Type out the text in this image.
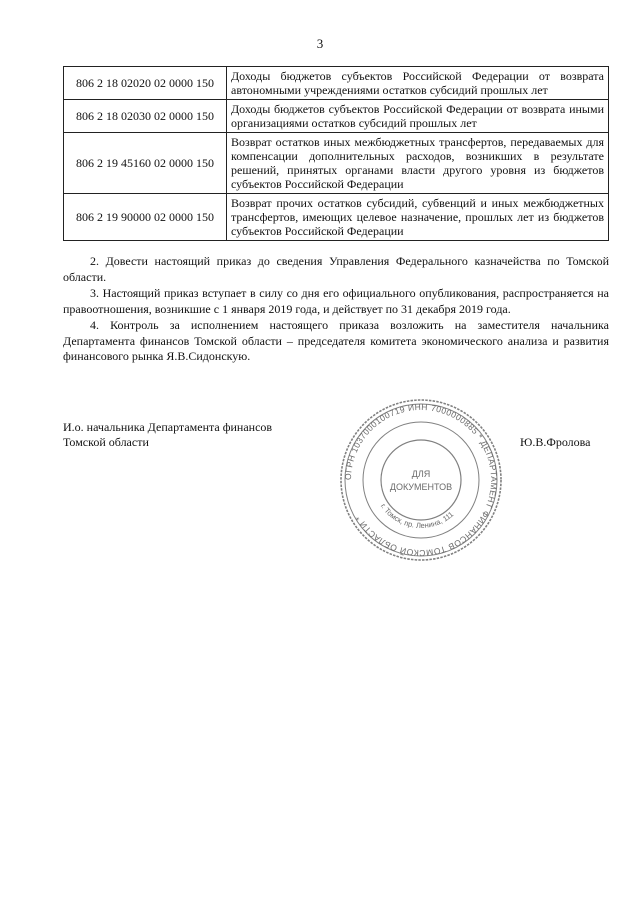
3
806 2 18 02020 02 0000 150	Доходы бюджетов субъектов Российской Федерации от возврата автономными учреждениями остатков субсидий прошлых лет
806 2 18 02030 02 0000 150	Доходы бюджетов субъектов Российской Федерации от возврата иными организациями остатков субсидий прошлых лет
806 2 19 45160 02 0000 150	Возврат остатков иных межбюджетных трансфертов, передаваемых для компенсации дополнительных расходов, возникших в результате решений, принятых органами власти другого уровня из бюджетов субъектов Российской Федерации
806 2 19 90000 02 0000 150	Возврат прочих остатков субсидий, субвенций и иных межбюджетных трансфертов, имеющих целевое назначение, прошлых лет из бюджетов субъектов Российской Федерации

2. Довести настоящий приказ до сведения Управления Федерального казначейства по Томской области.

3. Настоящий приказ вступает в силу со дня его официального опубликования, распространяется на правоотношения, возникшие с 1 января 2019 года, и действует по 31 декабря 2019 года.

4. Контроль за исполнением настоящего приказа возложить на заместителя начальника Департамента финансов Томской области – председателя комитета экономического анализа и развития финансового рынка Я.В.Сидонскую.

И.о. начальника Департамента финансов
Томской области	Ю.В.Фролова
ОГРН 1037000100719 ИНН 7000000885 * ДЕПАРТАМЕНТ ФИНАНСОВ ТОМСКОЙ ОБЛАСТИ *
г. Томск, пр. Ленина, 111
ДЛЯ
ДОКУМЕНТОВ
